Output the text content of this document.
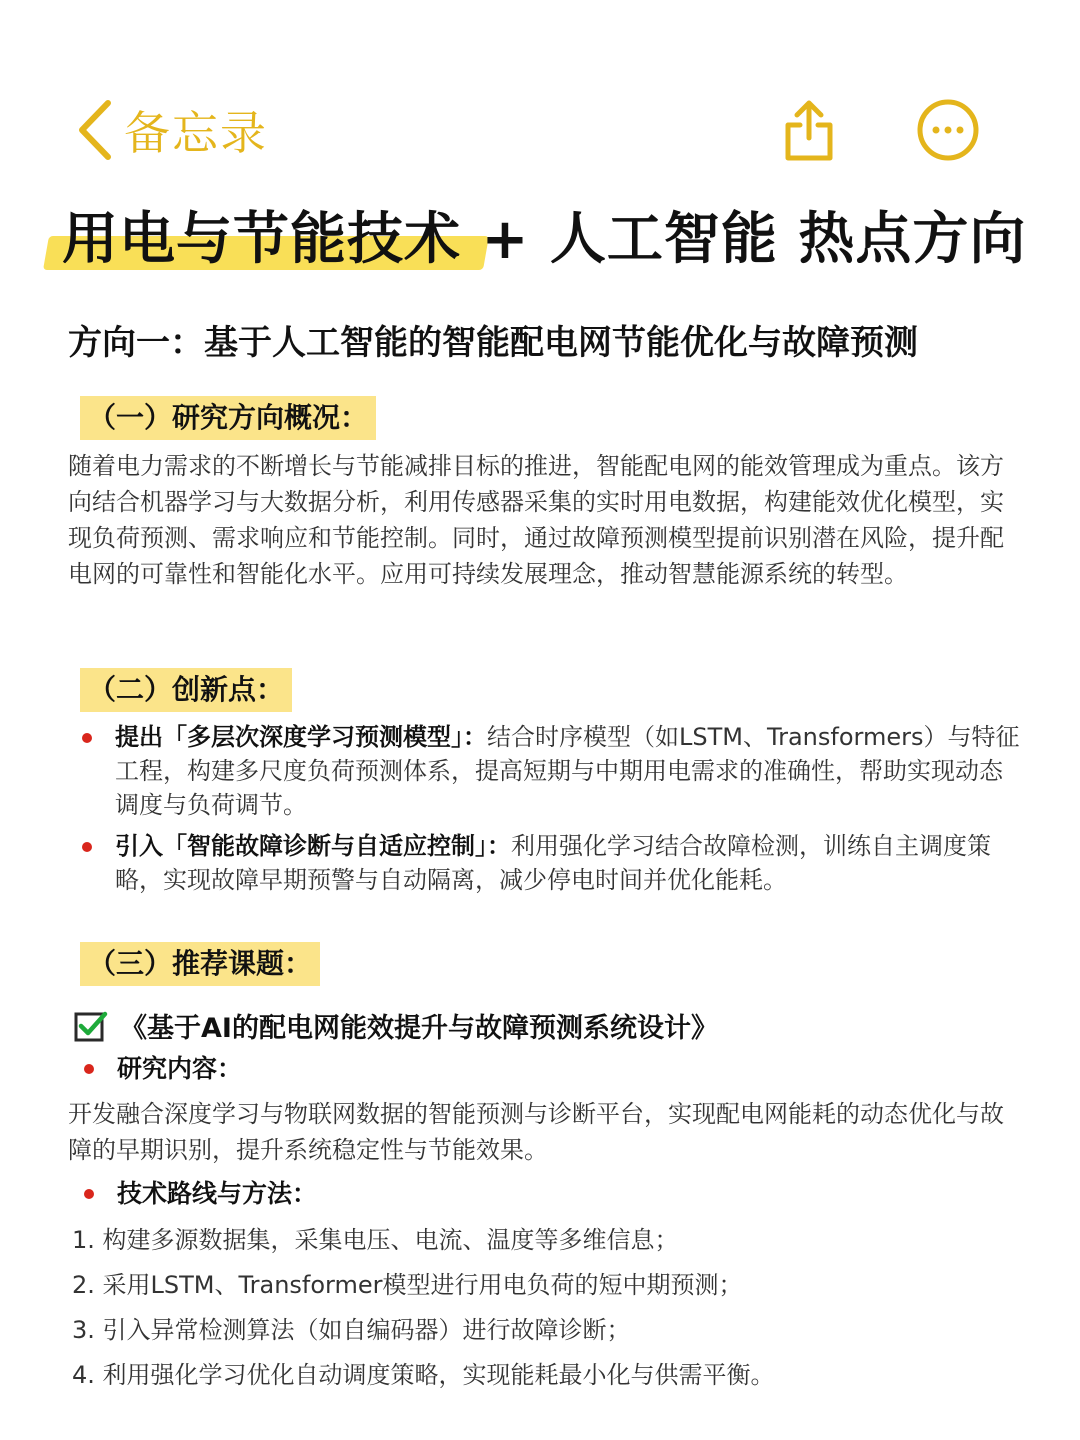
备忘录
用电与节能技术 + 人工智能 热点方向
方向一：基于人工智能的智能配电网节能优化与故障预测
（一）研究方向概况：
随着电力需求的不断增长与节能减排目标的推进，智能配电网的能效管理成为重点。该方向结合机器学习与大数据分析，利用传感器采集的实时用电数据，构建能效优化模型，实现负荷预测、需求响应和节能控制。同时，通过故障预测模型提前识别潜在风险，提升配电网的可靠性和智能化水平。应用可持续发展理念，推动智慧能源系统的转型。
（二）创新点：
提出「多层次深度学习预测模型」：结合时序模型（如LSTM、Transformers）与特征工程，构建多尺度负荷预测体系，提高短期与中期用电需求的准确性，帮助实现动态调度与负荷调节。
引入「智能故障诊断与自适应控制」：利用强化学习结合故障检测，训练自主调度策略，实现故障早期预警与自动隔离，减少停电时间并优化能耗。
（三）推荐课题：
《基于AI的配电网能效提升与故障预测系统设计》
研究内容：
开发融合深度学习与物联网数据的智能预测与诊断平台，实现配电网能耗的动态优化与故障的早期识别，提升系统稳定性与节能效果。
技术路线与方法：
1. 构建多源数据集，采集电压、电流、温度等多维信息；
2. 采用LSTM、Transformer模型进行用电负荷的短中期预测；
3. 引入异常检测算法（如自编码器）进行故障诊断；
4. 利用强化学习优化自动调度策略，实现能耗最小化与供需平衡。
